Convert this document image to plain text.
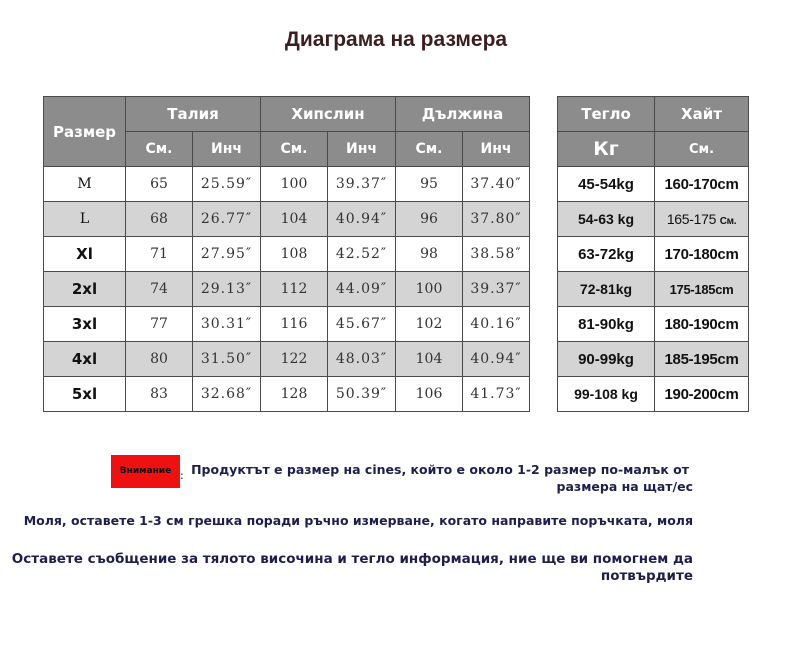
Диаграма на размера
Размер	Талия		Хипслин		Дължина	
	См.	Инч	См.	Инч	См.	Инч
M	65	25.59″	100	39.37″	95	37.40″
L	68	26.77″	104	40.94″	96	37.80″
Xl	71	27.95″	108	42.52″	98	38.58″
2xl	74	29.13″	112	44.09″	100	39.37″
3xl	77	30.31″	116	45.67″	102	40.16″
4xl	80	31.50″	122	48.03″	104	40.94″
5xl	83	32.68″	128	50.39″	106	41.73″
Тегло	Хайт
Кг	См.
45-54kg	160-170cm
54-63 kg	165-175 См.
63-72kg	170-180cm
72-81kg	175-185cm
81-90kg	180-190cm
90-99kg	185-195cm
99-108 kg	190-200cm
Внимание : Продуктът е размер на cines, който е около 1-2 размер по-малък от
размера на щат/ес
Моля, оставете 1-3 см грешка поради ръчно измерване, когато направите поръчката, моля
Оставете съобщение за тялото височина и тегло информация, ние ще ви помогнем да
потвърдите
